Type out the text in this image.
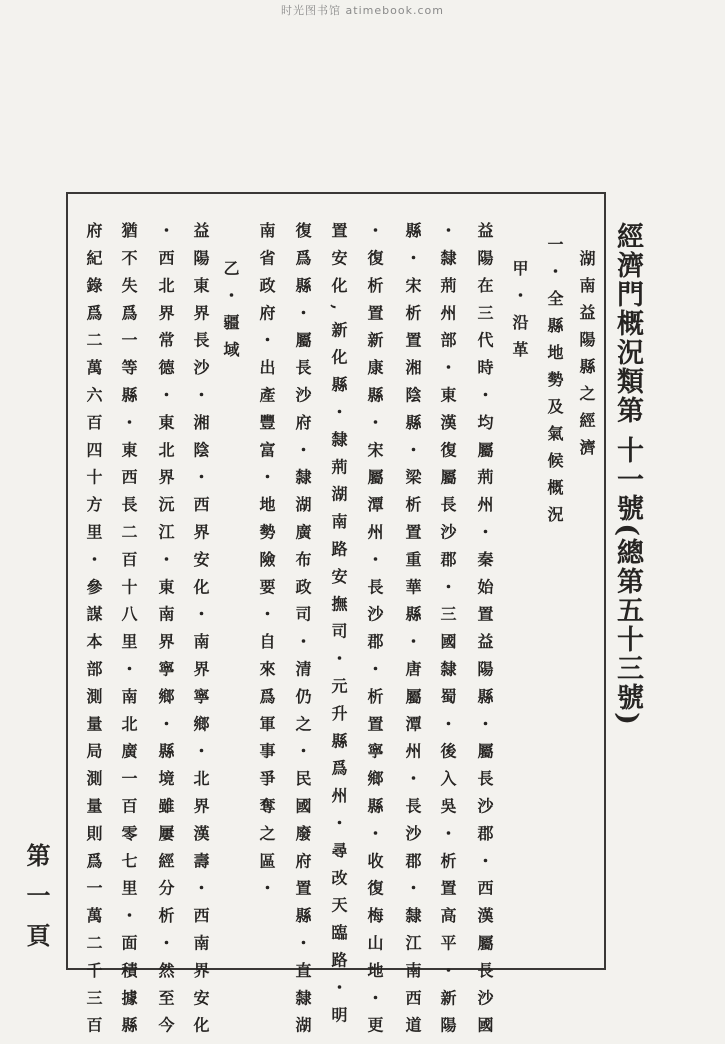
时光图书馆 atimebook.com
經濟門概況類第 十一號(總第五十三號)
湖南益陽縣之經濟
一・全縣地勢及氣候概況
甲・沿革
益陽在三代時・均屬荊州・秦始置益陽縣・屬長沙郡・西漢屬長沙國
・隸荊州部・東漢復屬長沙郡・三國隸蜀・後入吳・析置高平・新陽
縣・宋析置湘陰縣・梁析置重華縣・唐屬潭州・長沙郡・隸江南西道
・復析置新康縣・宋屬潭州・長沙郡・析置寧鄉縣・收復梅山地・更
置安化,新化縣・隸荊湖南路安撫司・元升縣爲州・尋改天臨路・明
復爲縣・屬長沙府・隸湖廣布政司・清仍之・民國廢府置縣・直隸湖
南省政府・出產豐富・地勢險要・自來爲軍事爭奪之區・
乙・疆域
益陽東界長沙・湘陰・西界安化・南界寧鄉・北界漢壽・西南界安化
・西北界常德・東北界沅江・東南界寧鄉・縣境雖屢經分析・然至今
猶不失爲一等縣・東西長二百十八里・南北廣一百零七里・面積據縣
府紀錄爲二萬六百四十方里・參謀本部測量局測量則爲一萬二千三百
第一頁
